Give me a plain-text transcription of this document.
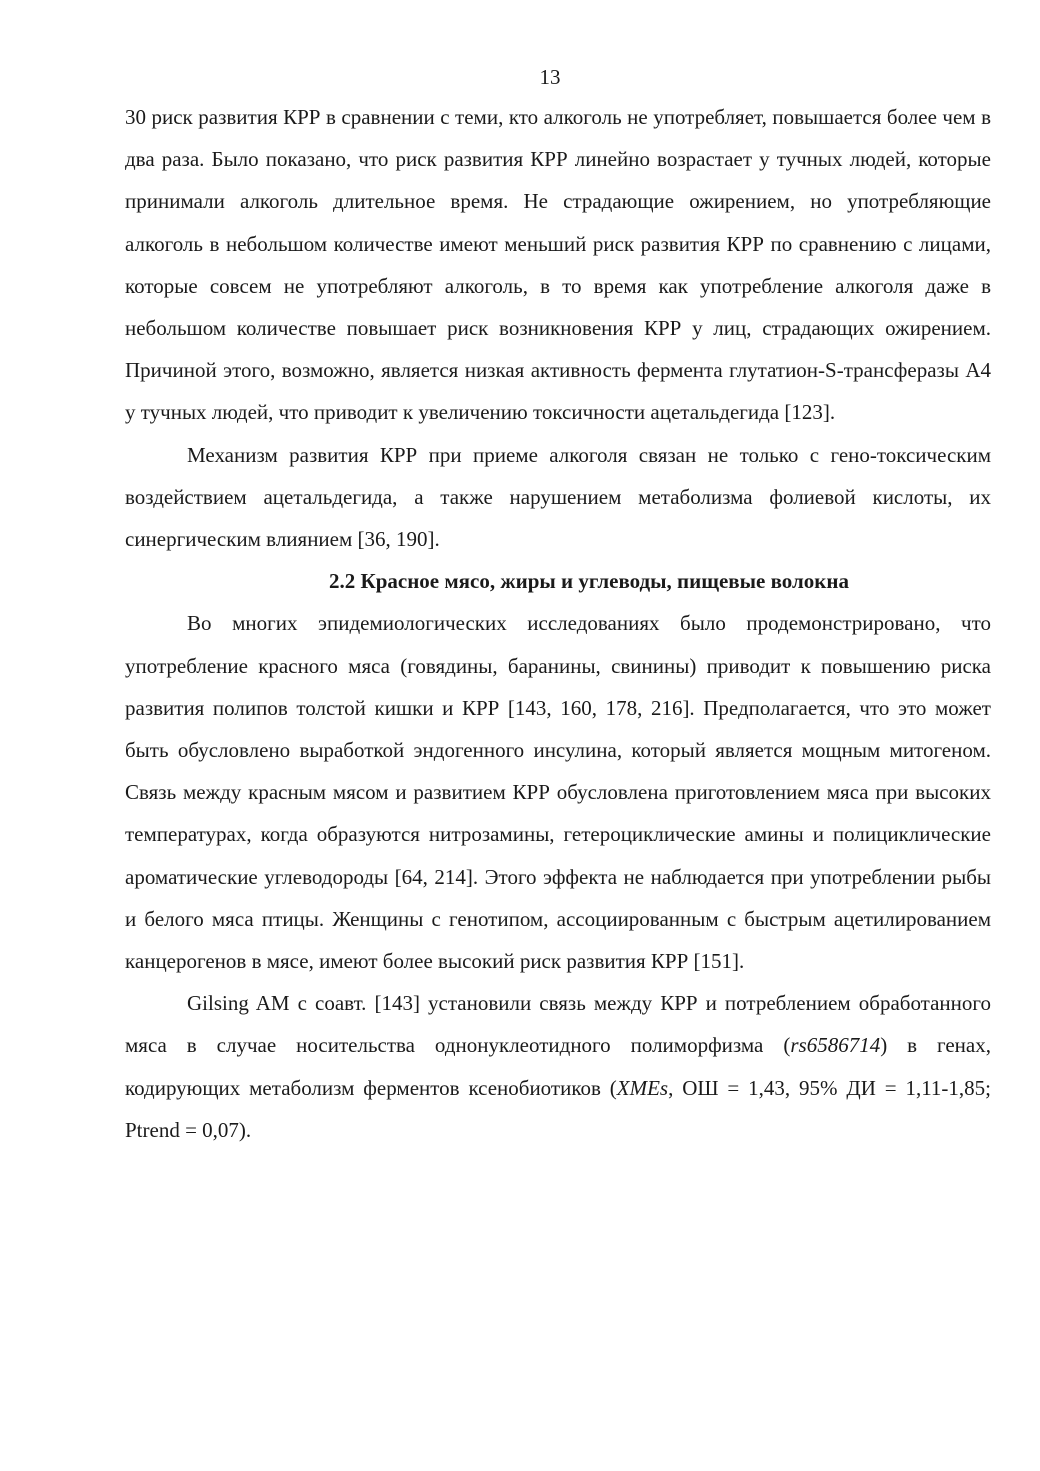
13

30 риск развития КРР в сравнении с теми, кто алкоголь не употребляет, повышается более чем в два раза. Было показано, что риск развития КРР линейно возрастает у тучных людей, которые принимали алкоголь длительное время. Не страдающие ожирением, но употребляющие алкоголь в небольшом количестве имеют меньший риск развития КРР по сравнению с лицами, которые совсем не употребляют алкоголь, в то время как употребление алкоголя даже в небольшом количестве повышает риск возникновения КРР у лиц, страдающих ожирением. Причиной этого, возможно, является низкая активность фермента глутатион-S-трансферазы А4 у тучных людей, что приводит к увеличению токсичности ацетальдегида [123].

Механизм развития КРР при приеме алкоголя связан не только с гено-токсическим воздействием ацетальдегида, а также нарушением метаболизма фолиевой кислоты, их синергическим влиянием [36, 190].

2.2 Красное мясо, жиры и углеводы, пищевые волокна

Во многих эпидемиологических исследованиях было продемонстрировано, что употребление красного мяса (говядины, баранины, свинины) приводит к повышению риска развития полипов толстой кишки и КРР [143, 160, 178, 216]. Предполагается, что это может быть обусловлено выработкой эндогенного инсулина, который является мощным митогеном. Связь между красным мясом и развитием КРР обусловлена приготовлением мяса при высоких температурах, когда образуются нитрозамины, гетероциклические амины и полициклические ароматические углеводороды [64, 214]. Этого эффекта не наблюдается при употреблении рыбы и белого мяса птицы. Женщины с генотипом, ассоциированным с быстрым ацетилированием канцерогенов в мясе, имеют более высокий риск развития КРР [151].

Gilsing AM с соавт. [143] установили связь между КРР и потреблением обработанного мяса в случае носительства однонуклеотидного полиморфизма (rs6586714) в генах, кодирующих метаболизм ферментов ксенобиотиков (XMEs, ОШ = 1,43, 95% ДИ = 1,11-1,85; Ptrend = 0,07).
